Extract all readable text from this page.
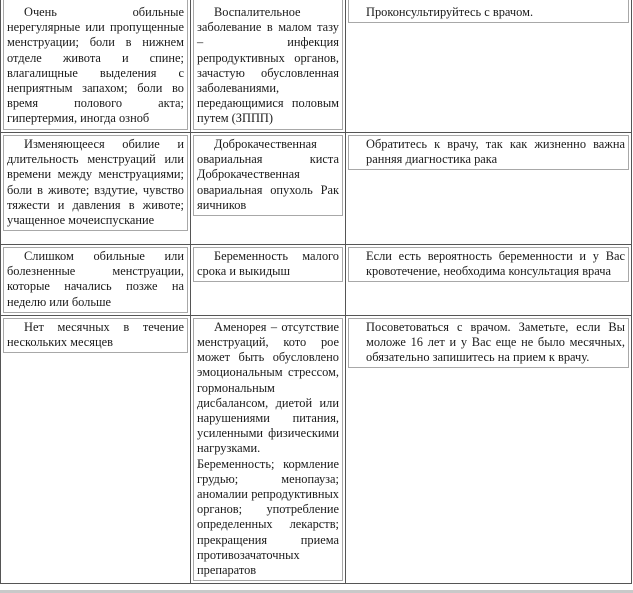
Очень обильные нерегулярные или пропущенные менструации; боли в нижнем отделе живота и спине; влагалищные выделения с неприятным запахом; боли во время полового акта; гипертермия, иногда озноб	Воспалительное заболевание в малом тазу – инфекция репродуктивных органов, зачастую обусловленная заболеваниями, передающимися половым путем (ЗППП)	Проконсультируйтесь с врачом.

Изменяющееся обилие и длительность менструаций или времени между менструациями; боли в животе; вздутие, чувство тяжести и давления в животе; учащенное мочеиспускание	Доброкачественная овариальная киста Доброкачественная овариальная опухоль Рак яичников	Обратитесь к врачу, так как жизненно важна ранняя диагностика рака

Слишком обильные или болезненные менструации, которые начались позже на неделю или больше	Беременность малого срока и выкидыш	Если есть вероятность беременности и у Вас кровотечение, необходима консультация врача

Нет месячных в течение нескольких месяцев	Аменорея – отсутствие менструаций, кото рое может быть обусловлено эмоциональным стрессом, гормональным дисбалансом, диетой или нарушениями питания, усиленными физическими нагрузками. Беременность; кормление грудью; менопауза; аномалии репродуктивных органов; употребление определенных лекарств; прекращения приема противозачаточных препаратов	Посоветоваться с врачом. Заметьте, если Вы моложе 16 лет и у Вас еще не было месячных, обязательно запишитесь на прием к врачу.
